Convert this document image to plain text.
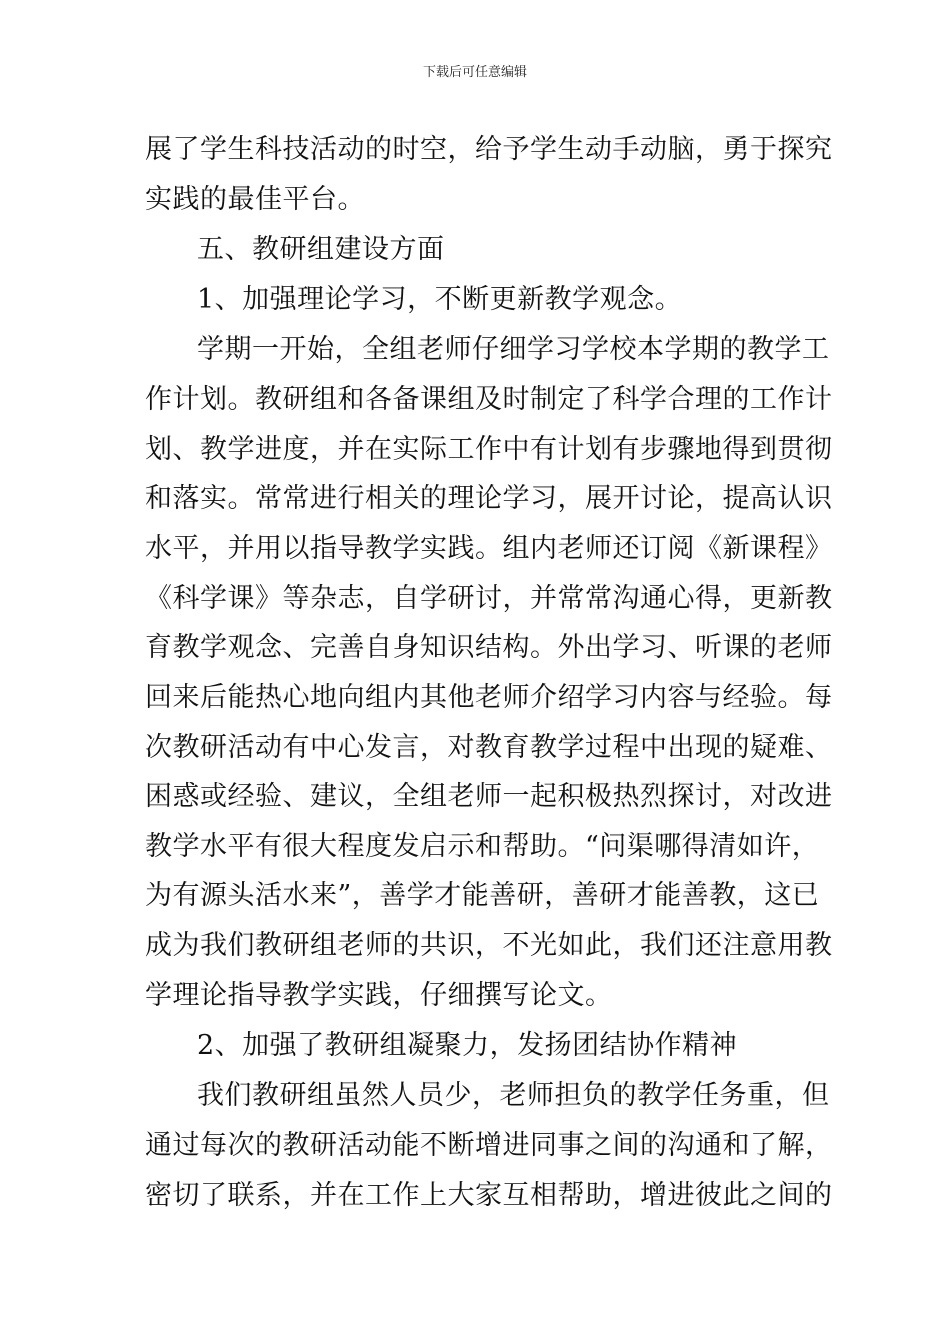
下载后可任意编辑
展了学生科技活动的时空，给予学生动手动脑，勇于探究
实践的最佳平台。
五、教研组建设方面
1、加强理论学习，不断更新教学观念。
学期一开始，全组老师仔细学习学校本学期的教学工
作计划。教研组和各备课组及时制定了科学合理的工作计
划、教学进度，并在实际工作中有计划有步骤地得到贯彻
和落实。常常进行相关的理论学习，展开讨论，提高认识
水平，并用以指导教学实践。组内老师还订阅《新课程》
《科学课》等杂志，自学研讨，并常常沟通心得，更新教
育教学观念、完善自身知识结构。外出学习、听课的老师
回来后能热心地向组内其他老师介绍学习内容与经验。每
次教研活动有中心发言，对教育教学过程中出现的疑难、
困惑或经验、建议，全组老师一起积极热烈探讨，对改进
教学水平有很大程度发启示和帮助。“问渠哪得清如许，
为有源头活水来”，善学才能善研，善研才能善教，这已
成为我们教研组老师的共识，不光如此，我们还注意用教
学理论指导教学实践，仔细撰写论文。
2、加强了教研组凝聚力，发扬团结协作精神
我们教研组虽然人员少，老师担负的教学任务重，但
通过每次的教研活动能不断增进同事之间的沟通和了解，
密切了联系，并在工作上大家互相帮助，增进彼此之间的
